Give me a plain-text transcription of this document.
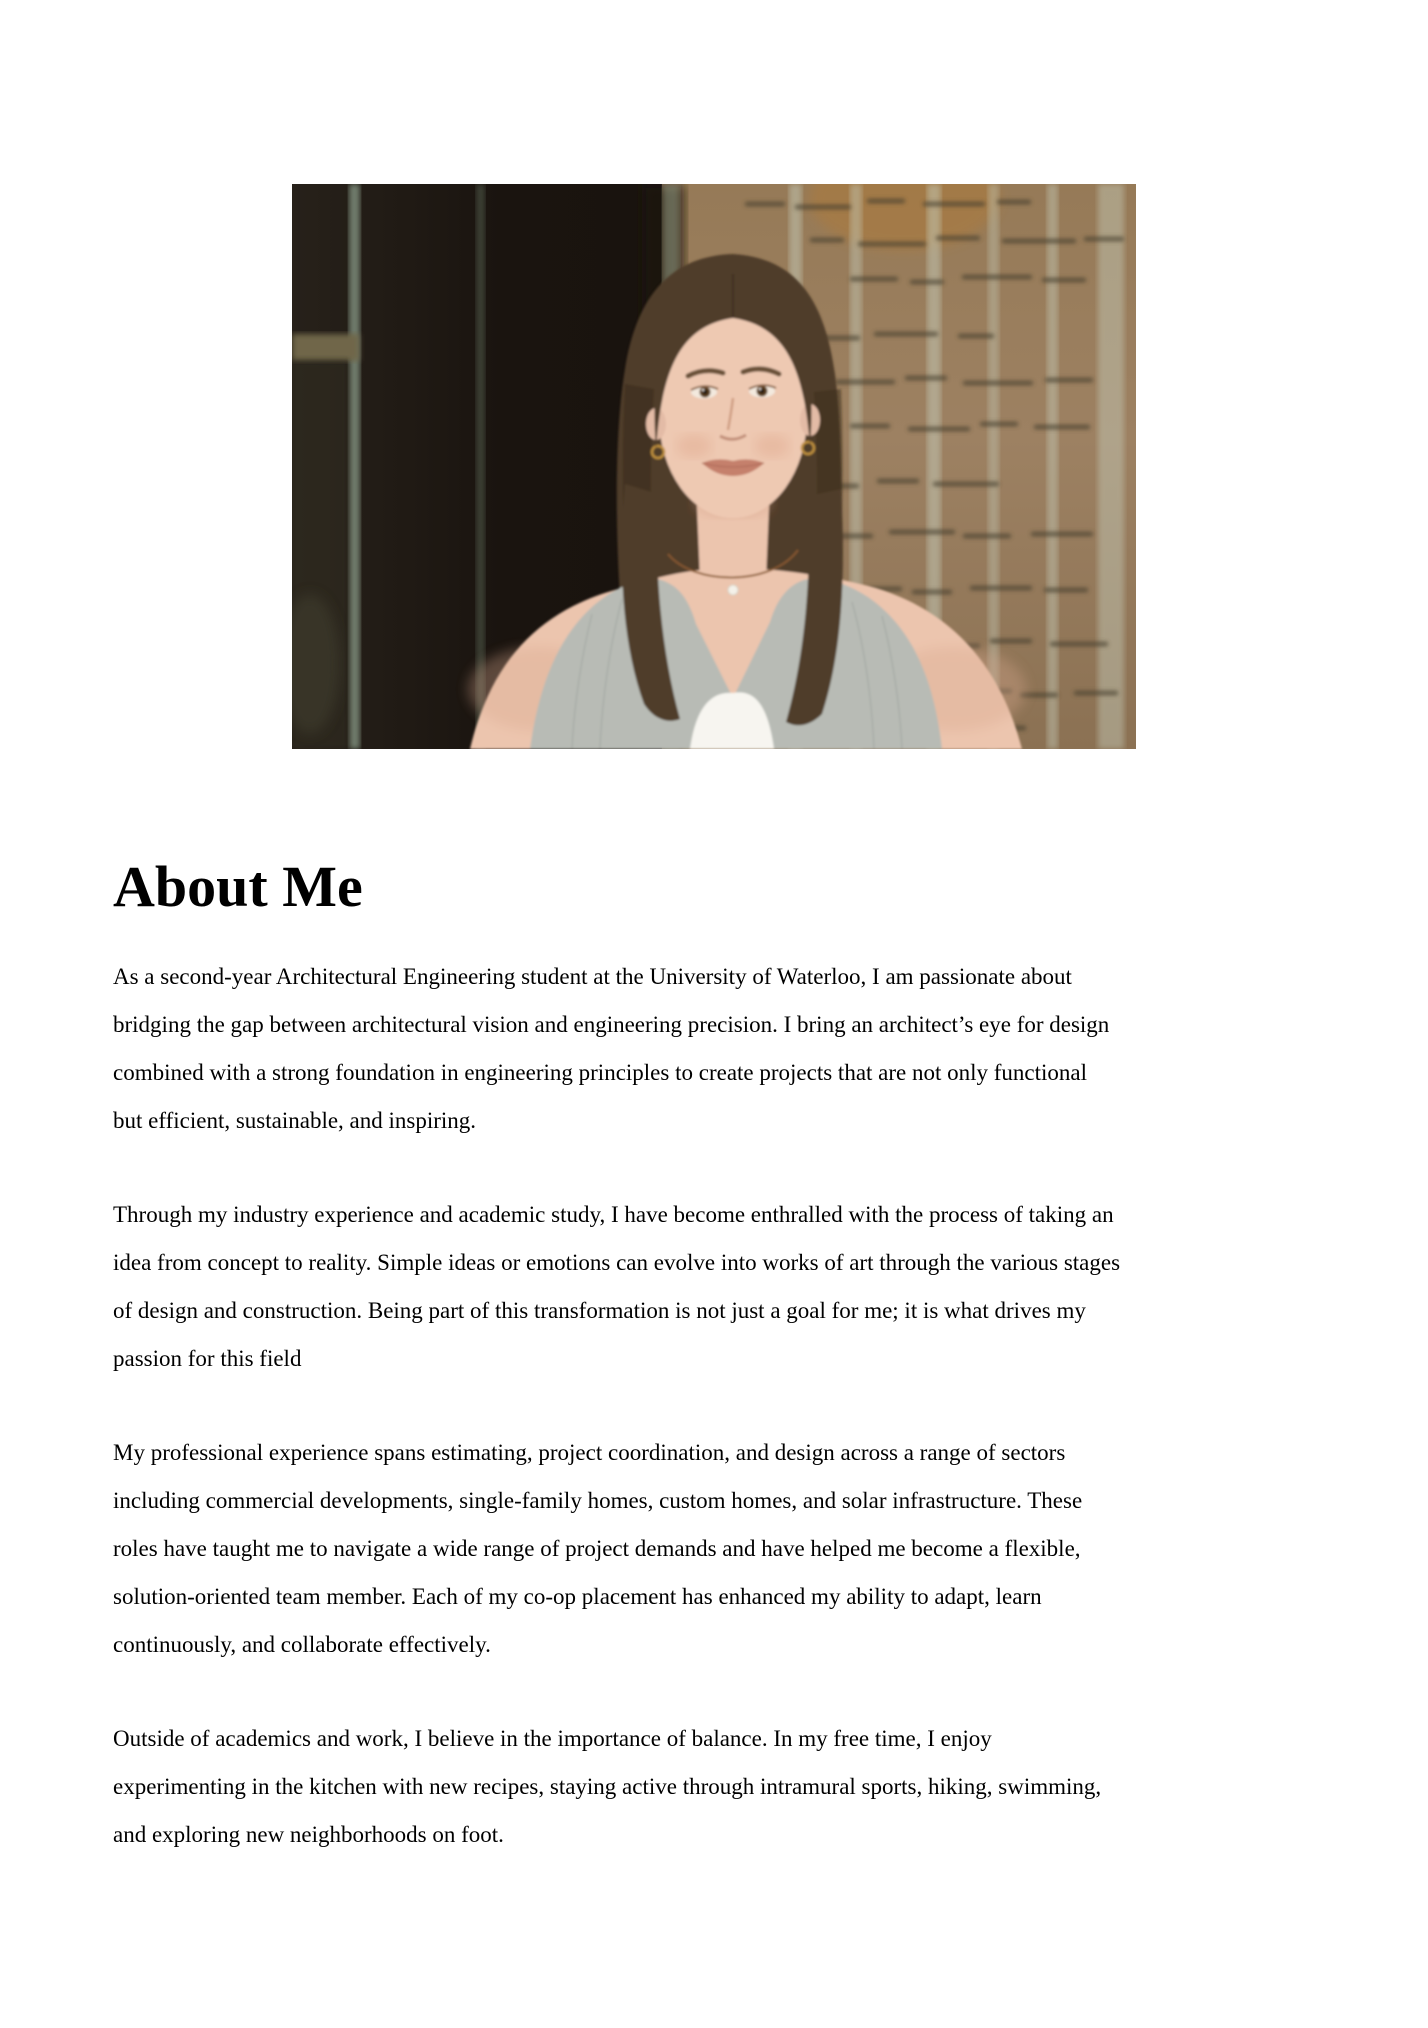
About Me

As a second-year Architectural Engineering student at the University of Waterloo, I am passionate about
bridging the gap between architectural vision and engineering precision. I bring an architect’s eye for design
combined with a strong foundation in engineering principles to create projects that are not only functional
but efficient, sustainable, and inspiring.

Through my industry experience and academic study, I have become enthralled with the process of taking an
idea from concept to reality. Simple ideas or emotions can evolve into works of art through the various stages
of design and construction. Being part of this transformation is not just a goal for me; it is what drives my
passion for this field

My professional experience spans estimating, project coordination, and design across a range of sectors
including commercial developments, single-family homes, custom homes, and solar infrastructure. These
roles have taught me to navigate a wide range of project demands and have helped me become a flexible,
solution-oriented team member. Each of my co-op placement has enhanced my ability to adapt, learn
continuously, and collaborate effectively.

Outside of academics and work, I believe in the importance of balance. In my free time, I enjoy
experimenting in the kitchen with new recipes, staying active through intramural sports, hiking, swimming,
and exploring new neighborhoods on foot.
